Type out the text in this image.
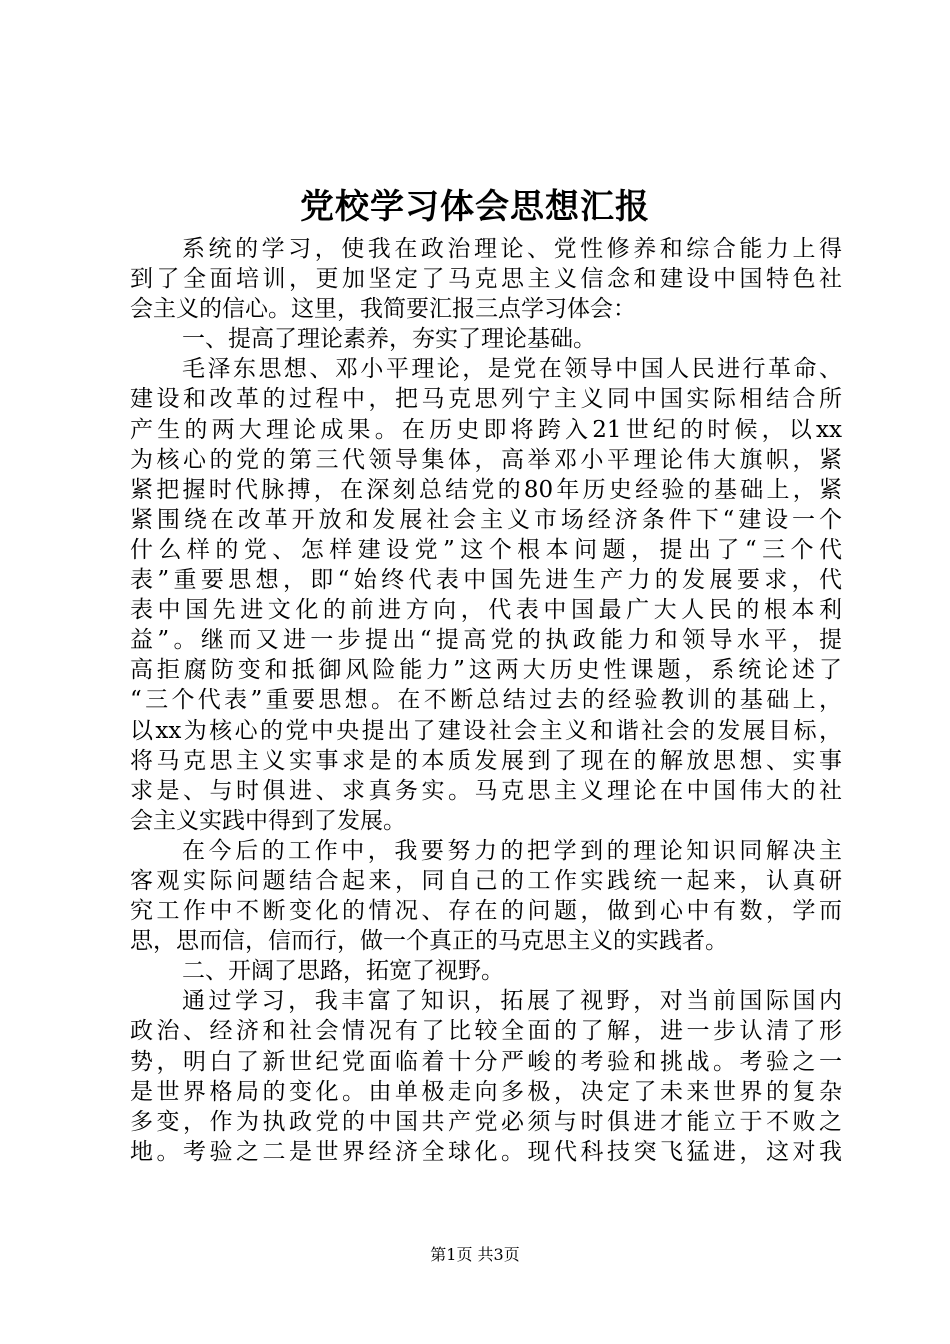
党校学习体会思想汇报
系统的学习，使我在政治理论、党性修养和综合能力上得
到了全面培训，更加坚定了马克思主义信念和建设中国特色社
会主义的信心。这里，我简要汇报三点学习体会：
一、提高了理论素养，夯实了理论基础。
毛泽东思想、邓小平理论，是党在领导中国人民进行革命、
建设和改革的过程中，把马克思列宁主义同中国实际相结合所
产生的两大理论成果。在历史即将跨入21世纪的时候，以xx
为核心的党的第三代领导集体，高举邓小平理论伟大旗帜，紧
紧把握时代脉搏，在深刻总结党的80年历史经验的基础上，紧
紧围绕在改革开放和发展社会主义市场经济条件下“建设一个
什么样的党、怎样建设党”这个根本问题，提出了“三个代
表”重要思想，即“始终代表中国先进生产力的发展要求，代
表中国先进文化的前进方向，代表中国最广大人民的根本利
益”。继而又进一步提出“提高党的执政能力和领导水平，提
高拒腐防变和抵御风险能力”这两大历史性课题，系统论述了
“三个代表”重要思想。在不断总结过去的经验教训的基础上，
以xx为核心的党中央提出了建设社会主义和谐社会的发展目标，
将马克思主义实事求是的本质发展到了现在的解放思想、实事
求是、与时俱进、求真务实。马克思主义理论在中国伟大的社
会主义实践中得到了发展。
在今后的工作中，我要努力的把学到的理论知识同解决主
客观实际问题结合起来，同自己的工作实践统一起来，认真研
究工作中不断变化的情况、存在的问题，做到心中有数，学而
思，思而信，信而行，做一个真正的马克思主义的实践者。
二、开阔了思路，拓宽了视野。
通过学习，我丰富了知识，拓展了视野，对当前国际国内
政治、经济和社会情况有了比较全面的了解，进一步认清了形
势，明白了新世纪党面临着十分严峻的考验和挑战。考验之一
是世界格局的变化。由单极走向多极，决定了未来世界的复杂
多变，作为执政党的中国共产党必须与时俱进才能立于不败之
地。考验之二是世界经济全球化。现代科技突飞猛进，这对我
第1页 共3页
